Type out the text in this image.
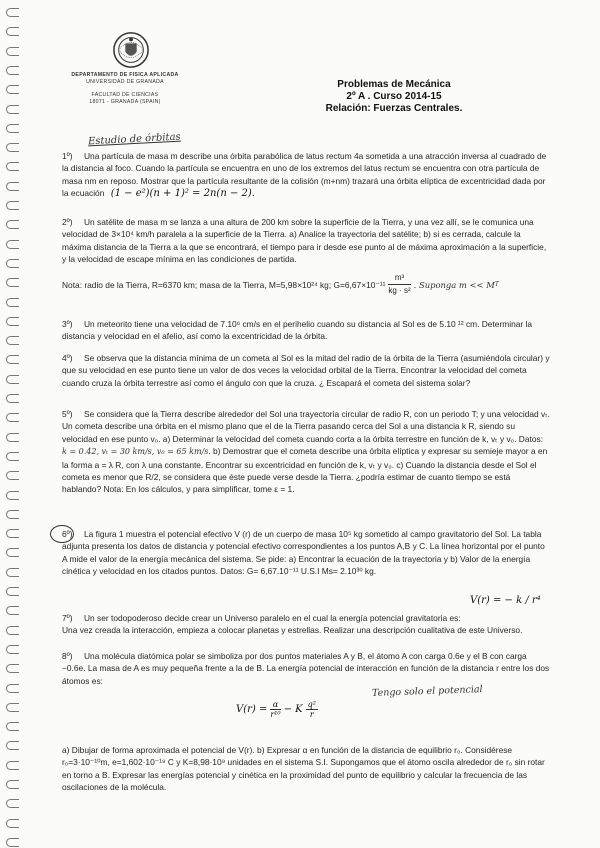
DEPARTAMENTO DE FISICA APLICADA
UNIVERSIDAD DE GRANADA
FACULTAD DE CIENCIAS
18071 - GRANADA (SPAIN)
Problemas de Mecánica
2º A . Curso 2014-15
Relación: Fuerzas Centrales.
Estudio de órbitas
1º) Una partícula de masa m describe una órbita parabólica de latus rectum 4a sometida a una atracción inversa al cuadrado de la distancia al foco. Cuando la partícula se encuentra en uno de los extremos del latus rectum se encuentra con otra partícula de masa nm en reposo. Mostrar que la partícula resultante de la colisión (m+nm) trazará una órbita elíptica de excentricidad dada por la ecuación (1 − e²)(n + 1)² = 2n(n − 2).
2º) Un satélite de masa m se lanza a una altura de 200 km sobre la superficie de la Tierra, y una vez allí, se le comunica una velocidad de 3×10⁴ km/h paralela a la superficie de la Tierra. a) Analice la trayectoria del satélite; b) si es cerrada, calcule la máxima distancia de la Tierra a la que se encontrará, el tiempo para ir desde ese punto al de máxima aproximación a la superficie, y la velocidad de escape mínima en las condiciones de partida.
Nota: radio de la Tierra, R=6370 km; masa de la Tierra, M=5,98×10²⁴ kg; $G=6,67\times 10^{-11} \frac{\text{m³}}{\text{kg · s²}}$ . Suponga m << M T
3º) Un meteorito tiene una velocidad de 7.10⁶ cm/s en el perihelio cuando su distancia al Sol es de 5.10 ¹² cm. Determinar la distancia y velocidad en el afelio, así como la excentricidad de la órbita.
4º) Se observa que la distancia mínima de un cometa al Sol es la mitad del radio de la órbita de la Tierra (asumiéndola circular) y que su velocidad en ese punto tiene un valor de dos veces la velocidad orbital de la Tierra. Encontrar la velocidad del cometa cuando cruza la órbita terrestre así como el ángulo con que la cruza. ¿ Escapará el cometa del sistema solar?
5º) Se considera que la Tierra describe alrededor del Sol una trayectoria circular de radio R, con un periodo T; y una velocidad vₜ. Un cometa describe una órbita en el mismo plano que el de la Tierra pasando cerca del Sol a una distancia k R, siendo su velocidad en ese punto v₀. a) Determinar la velocidad del cometa cuando corta a la órbita terrestre en función de k, vₜ y v₀. Datos: k = 0.42, vₜ = 30 km/s, v₀ = 65 km/s. b) Demostrar que el cometa describe una órbita elíptica y expresar su semieje mayor a en la forma a = λ R, con λ una constante. Encontrar su excentricidad en función de k, vₜ y v₀. c) Cuando la distancia desde el Sol el cometa es menor que R/2, se considera que éste puede verse desde la Tierra. ¿podría estimar de cuanto tiempo se está hablando? Nota: En los cálculos, y para simplificar, tome ε = 1.
6º) La figura 1 muestra el potencial efectivo V (r) de un cuerpo de masa 10⁵ kg sometido al campo gravitatorio del Sol. La tabla adjunta presenta los datos de distancia y potencial efectivo correspondientes a los puntos A,B y C. La línea horizontal por el punto A mide el valor de la energía mecánica del sistema. Se pide: a) Encontrar la ecuación de la trayectoria y b) Valor de la energía cinética y velocidad en los citados puntos. Datos: G= 6,67.10⁻¹¹ U.S.I Ms= 2.10³⁰ kg.
V(r) = − k / r⁴
7º) Un ser todopoderoso decide crear un Universo paralelo en el cual la energía potencial gravitatoria es:
Una vez creada la interacción, empieza a colocar planetas y estrellas. Realizar una descripción cualitativa de este Universo.
8º) Una molécula diatómica polar se simboliza por dos puntos materiales A y B, el átomo A con carga 0.6e y el B con carga −0.6e. La masa de A es muy pequeña frente a la de B. La energía potencial de interacción en función de la distancia r entre los dos átomos es:
Tengo solo el potencial
$V(r) = \frac{\alpha}{\text{r¹⁰}} - K \frac{\text{q²}}{r}$
a) Dibujar de forma aproximada el potencial de V(r). b) Expresar α en función de la distancia de equilibrio r₀. Considérese r₀=3·10⁻¹⁰m, e=1,602·10⁻¹⁹ C y K=8,98·10⁹ unidades en el sistema S.I. Supongamos que el átomo oscila alrededor de r₀ sin rotar en torno a B. Expresar las energías potencial y cinética en la proximidad del punto de equilibrio y calcular la frecuencia de las oscilaciones de la molécula.
